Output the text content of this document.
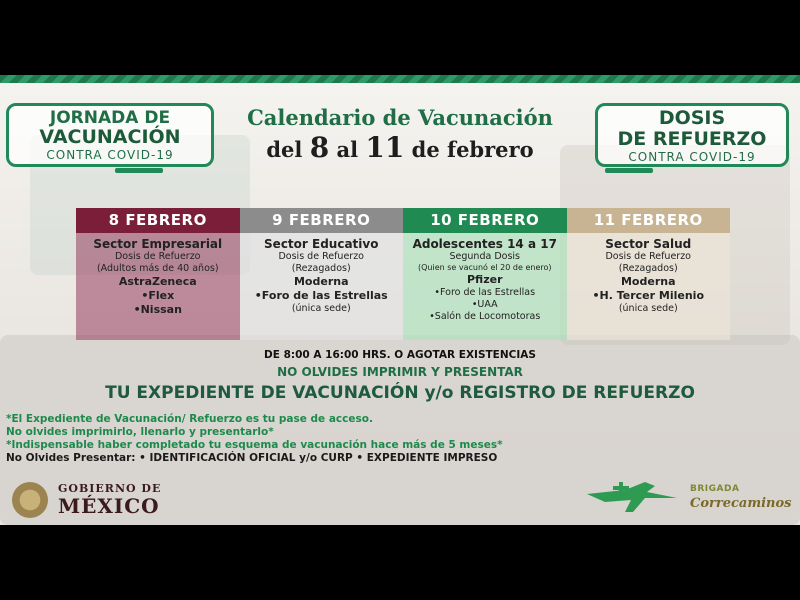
JORNADA DE
VACUNACIÓN
CONTRA COVID-19
DOSIS
DE REFUERZO
CONTRA COVID-19
Calendario de Vacunación
del 8 al 11 de febrero
8 FEBRERO
Sector Empresarial
Dosis de Refuerzo
(Adultos más de 40 años)
AstraZeneca
•Flex
•Nissan
9 FEBRERO
Sector Educativo
Dosis de Refuerzo
(Rezagados)
Moderna
•Foro de las Estrellas
(única sede)
10 FEBRERO
Adolescentes 14 a 17
Segunda Dosis
(Quien se vacunó el 20 de enero)
Pfizer
•Foro de las Estrellas
•UAA
•Salón de Locomotoras
11 FEBRERO
Sector Salud
Dosis de Refuerzo
(Rezagados)
Moderna
•H. Tercer Milenio
(única sede)
DE 8:00 A 16:00 HRS. O AGOTAR EXISTENCIAS
NO OLVIDES IMPRIMIR Y PRESENTAR
TU EXPEDIENTE DE VACUNACIÓN y/o REGISTRO DE REFUERZO
*El Expediente de Vacunación/ Refuerzo es tu pase de acceso.
No olvides imprimirlo, llenarlo y presentarlo*
*Indispensable haber completado tu esquema de vacunación hace más de 5 meses*
No Olvides Presentar: • IDENTIFICACIÓN OFICIAL y/o CURP • EXPEDIENTE IMPRESO
GOBIERNO DE
MÉXICO
BRIGADA
Correcaminos
